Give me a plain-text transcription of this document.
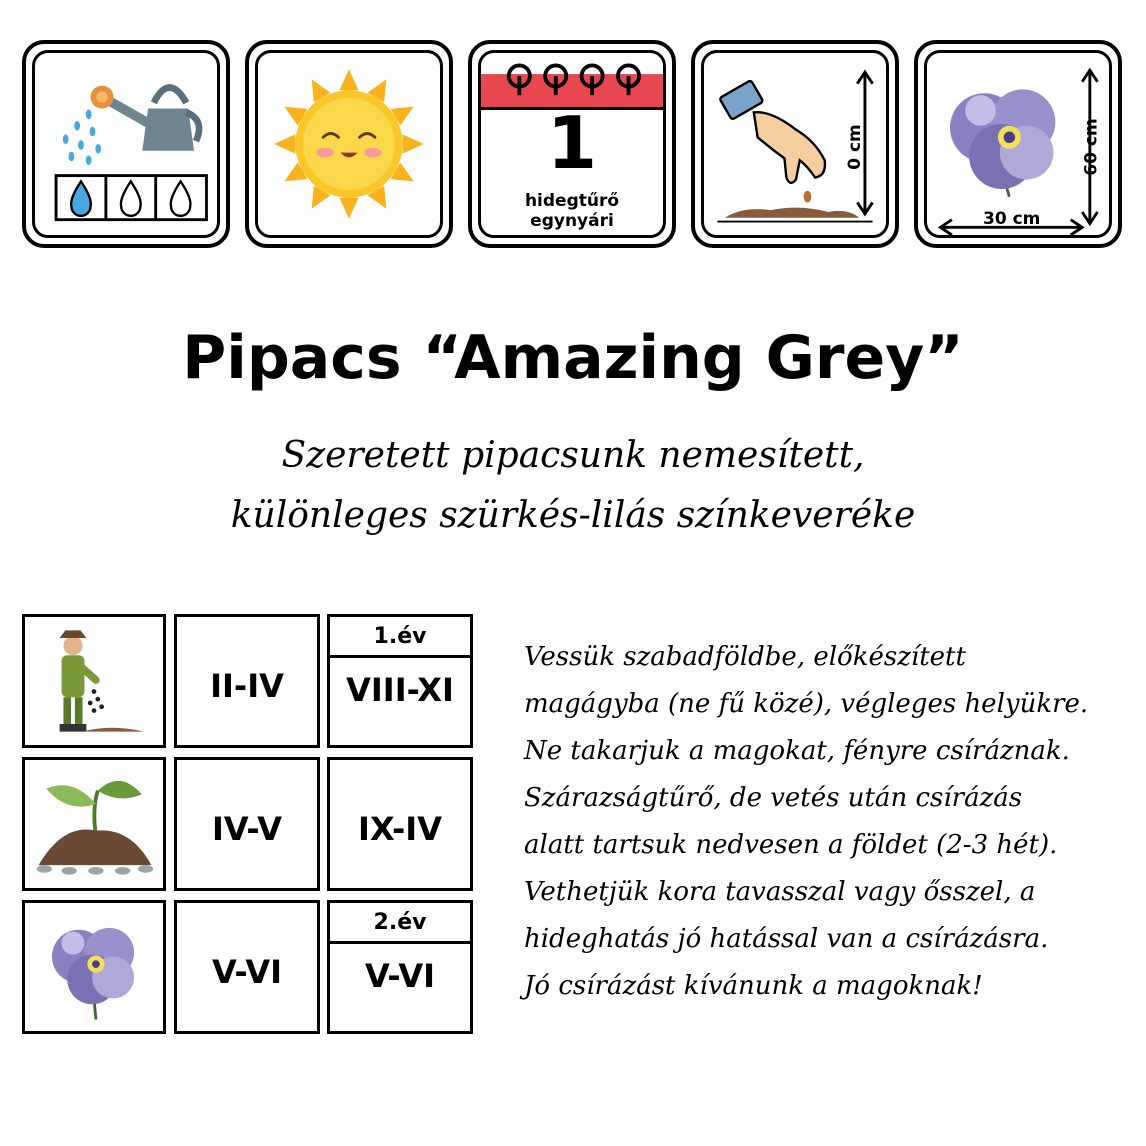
1
hidegtűrő
egynyári
0 cm	60 cm
30 cm
Pipacs “Amazing Grey”
Szeretett pipacsunk nemesített,
különleges szürkés-lilás színkeveréke
II-IV
1.év
VIII-XI
IV-V	IX-IV
V-VI
2.év
V-VI
Vessük szabadföldbe, előkészített
magágyba (ne fű közé), végleges helyükre.
Ne takarjuk a magokat, fényre csíráznak.
Szárazságtűrő, de vetés után csírázás
alatt tartsuk nedvesen a földet (2-3 hét).
Vethetjük kora tavasszal vagy ősszel, a
hideghatás jó hatással van a csírázásra.
Jó csírázást kívánunk a magoknak!
